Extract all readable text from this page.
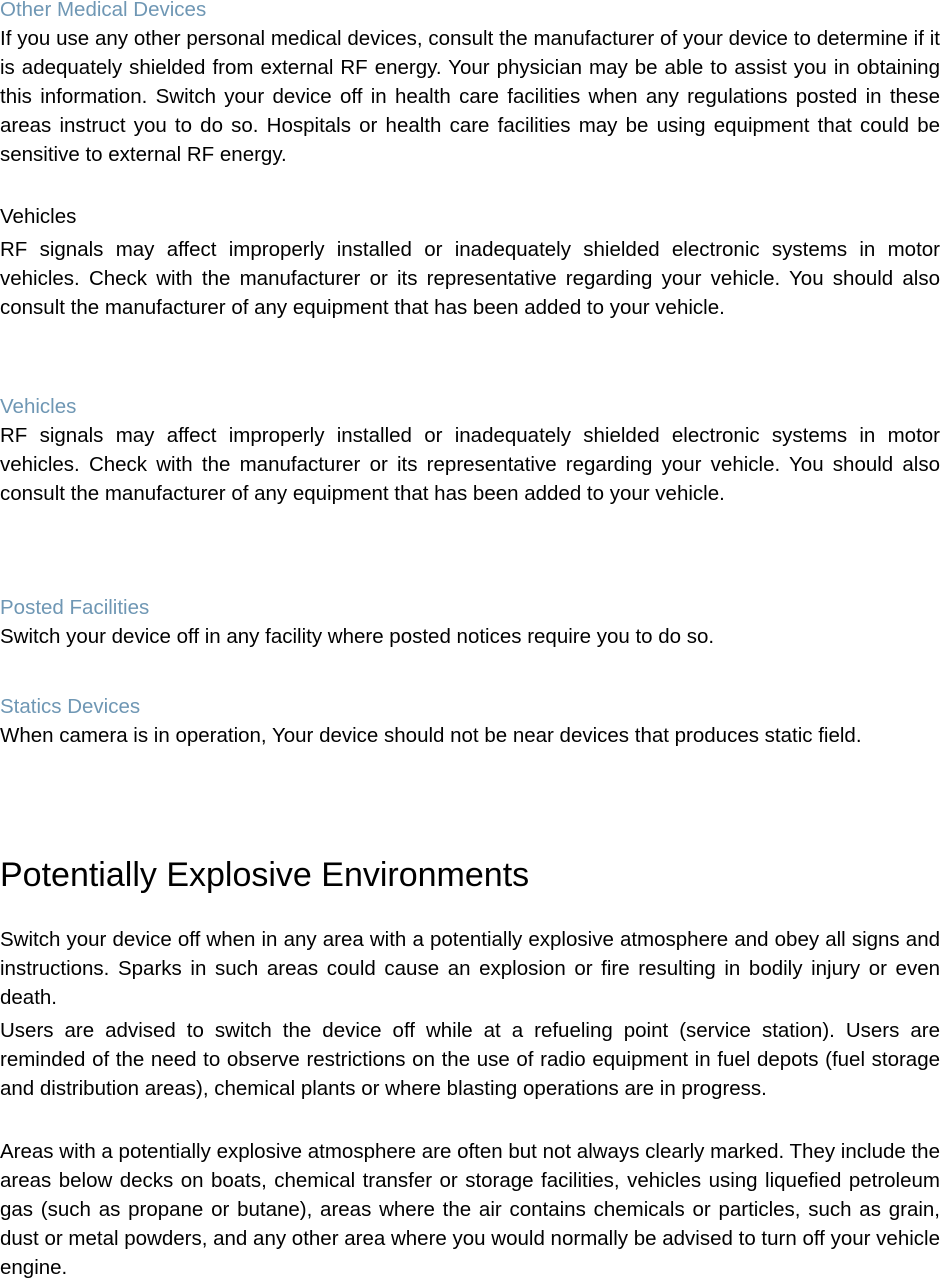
Other Medical Devices

If you use any other personal medical devices, consult the manufacturer of your device to determine if it is adequately shielded from external RF energy. Your physician may be able to assist you in obtaining this information. Switch your device off in health care facilities when any regulations posted in these areas instruct you to do so. Hospitals or health care facilities may be using equipment that could be sensitive to external RF energy.

Vehicles

RF signals may affect improperly installed or inadequately shielded electronic systems in motor vehicles. Check with the manufacturer or its representative regarding your vehicle. You should also consult the manufacturer of any equipment that has been added to your vehicle.

Vehicles

RF signals may affect improperly installed or inadequately shielded electronic systems in motor vehicles. Check with the manufacturer or its representative regarding your vehicle. You should also consult the manufacturer of any equipment that has been added to your vehicle.

Posted Facilities

Switch your device off in any facility where posted notices require you to do so.

Statics Devices

When camera is in operation, Your device should not be near devices that produces static field.

Potentially Explosive Environments

Switch your device off when in any area with a potentially explosive atmosphere and obey all signs and instructions. Sparks in such areas could cause an explosion or fire resulting in bodily injury or even death.

Users are advised to switch the device off while at a refueling point (service station). Users are reminded of the need to observe restrictions on the use of radio equipment in fuel depots (fuel storage and distribution areas), chemical plants or where blasting operations are in progress.

Areas with a potentially explosive atmosphere are often but not always clearly marked. They include the areas below decks on boats, chemical transfer or storage facilities, vehicles using liquefied petroleum gas (such as propane or butane), areas where the air contains chemicals or particles, such as grain, dust or metal powders, and any other area where you would normally be advised to turn off your vehicle engine.
